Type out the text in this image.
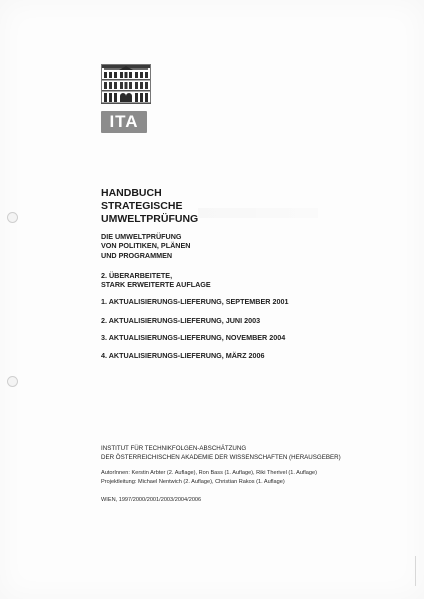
ITA
HANDBUCH
STRATEGISCHE
UMWELTPRÜFUNG
DIE UMWELTPRÜFUNG
VON POLITIKEN, PLÄNEN
UND PROGRAMMEN
2. ÜBERARBEITETE,
STARK ERWEITERTE AUFLAGE
1. AKTUALISIERUNGS-LIEFERUNG, SEPTEMBER 2001
2. AKTUALISIERUNGS-LIEFERUNG, JUNI 2003
3. AKTUALISIERUNGS-LIEFERUNG, NOVEMBER 2004
4. AKTUALISIERUNGS-LIEFERUNG, MÄRZ 2006
INSTITUT FÜR TECHNIKFOLGEN-ABSCHÄTZUNG
DER ÖSTERREICHISCHEN AKADEMIE DER WISSENSCHAFTEN (HERAUSGEBER)
AutorInnen: Kerstin Arbter (2. Auflage), Ron Bass (1. Auflage), Riki Therivel (1. Auflage)
Projektleitung: Michael Nentwich (2. Auflage), Christian Rakos (1. Auflage)
WIEN, 1997/2000/2001/2003/2004/2006
